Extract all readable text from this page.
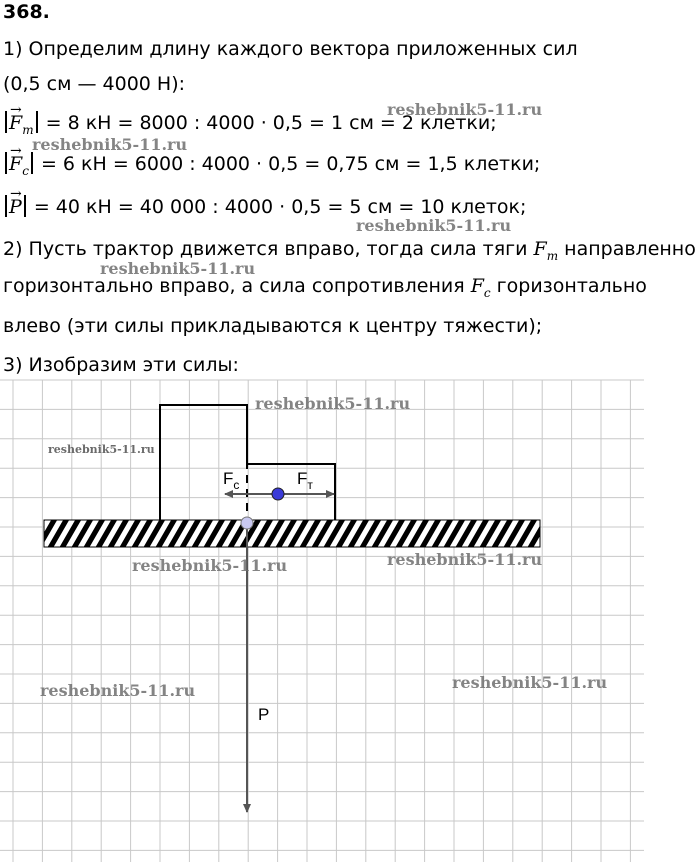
368.
1) Определим длину каждого вектора приложенных сил
(0,5 см — 4000 Н):
→ $F_т = 8$ кН = 8000 : 4000 · 0,5 = 1 см = 2 клетки;
→ $F_c = 6$ кН = 6000 : 4000 · 0,5 = 0,75 см = 1,5 клетки;
→ P = 40 кН = 40 000 : 4000 · 0,5 = 5 см = 10 клеток;
2) Пусть трактор движется вправо, тогда сила тяги $F_т$ направленно
горизонтально вправо, а сила сопротивления $F_c$ горизонтально
влево (эти силы прикладываются к центру тяжести);
3) Изобразим эти силы:
$F_c$	$F_т$
P
reshebnik5-11.ru
reshebnik5-11.ru
reshebnik5-11.ru
reshebnik5-11.ru
reshebnik5-11.ru
reshebnik5-11.ru
reshebnik5-11.ru	reshebnik5-11.ru
reshebnik5-11.ru	reshebnik5-11.ru
